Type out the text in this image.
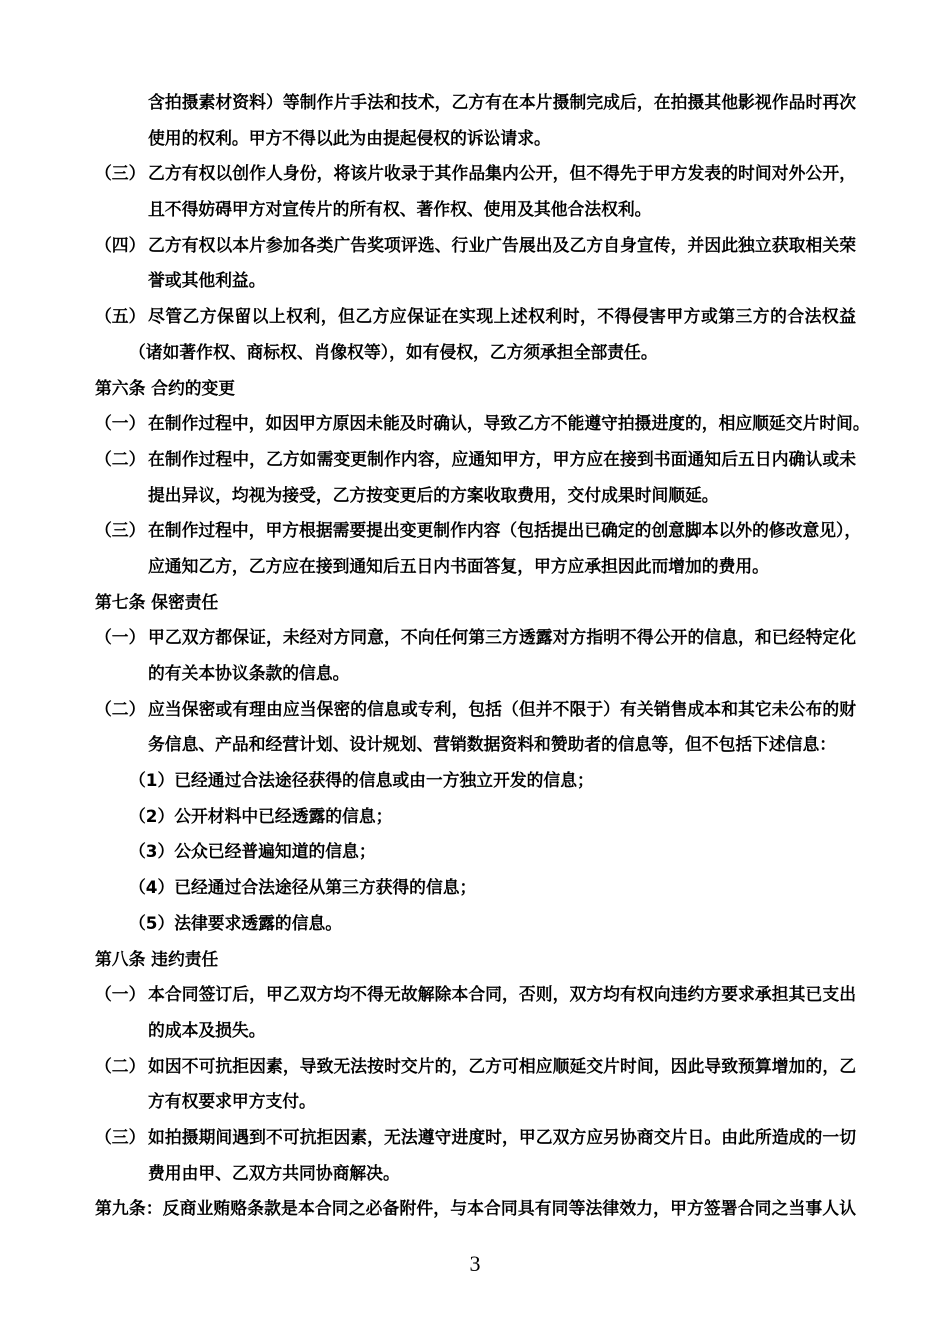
含拍摄素材资料）等制作片手法和技术，乙方有在本片摄制完成后，在拍摄其他影视作品时再次
使用的权利。甲方不得以此为由提起侵权的诉讼请求。
（三） 乙方有权以创作人身份，将该片收录于其作品集内公开，但不得先于甲方发表的时间对外公开，
且不得妨碍甲方对宣传片的所有权、著作权、使用及其他合法权利。
（四） 乙方有权以本片参加各类广告奖项评选、行业广告展出及乙方自身宣传，并因此独立获取相关荣
誉或其他利益。
（五） 尽管乙方保留以上权利，但乙方应保证在实现上述权利时，不得侵害甲方或第三方的合法权益
（诸如著作权、商标权、肖像权等），如有侵权，乙方须承担全部责任。
第六条 合约的变更
（一） 在制作过程中，如因甲方原因未能及时确认，导致乙方不能遵守拍摄进度的，相应顺延交片时间。
（二） 在制作过程中，乙方如需变更制作内容，应通知甲方，甲方应在接到书面通知后五日内确认或未
提出异议，均视为接受，乙方按变更后的方案收取费用，交付成果时间顺延。
（三） 在制作过程中，甲方根据需要提出变更制作内容（包括提出已确定的创意脚本以外的修改意见），
应通知乙方，乙方应在接到通知后五日内书面答复，甲方应承担因此而增加的费用。
第七条 保密责任
（一） 甲乙双方都保证，未经对方同意，不向任何第三方透露对方指明不得公开的信息，和已经特定化
的有关本协议条款的信息。
（二） 应当保密或有理由应当保密的信息或专利，包括（但并不限于）有关销售成本和其它未公布的财
务信息、产品和经营计划、设计规划、营销数据资料和赞助者的信息等，但不包括下述信息：
（1）已经通过合法途径获得的信息或由一方独立开发的信息；
（2）公开材料中已经透露的信息；
（3）公众已经普遍知道的信息；
（4）已经通过合法途径从第三方获得的信息；
（5）法律要求透露的信息。
第八条 违约责任
（一） 本合同签订后，甲乙双方均不得无故解除本合同，否则，双方均有权向违约方要求承担其已支出
的成本及损失。
（二） 如因不可抗拒因素，导致无法按时交片的，乙方可相应顺延交片时间，因此导致预算增加的，乙
方有权要求甲方支付。
（三） 如拍摄期间遇到不可抗拒因素，无法遵守进度时，甲乙双方应另协商交片日。由此所造成的一切
费用由甲、乙双方共同协商解决。
第九条：反商业贿赂条款是本合同之必备附件，与本合同具有同等法律效力，甲方签署合同之当事人认
3
